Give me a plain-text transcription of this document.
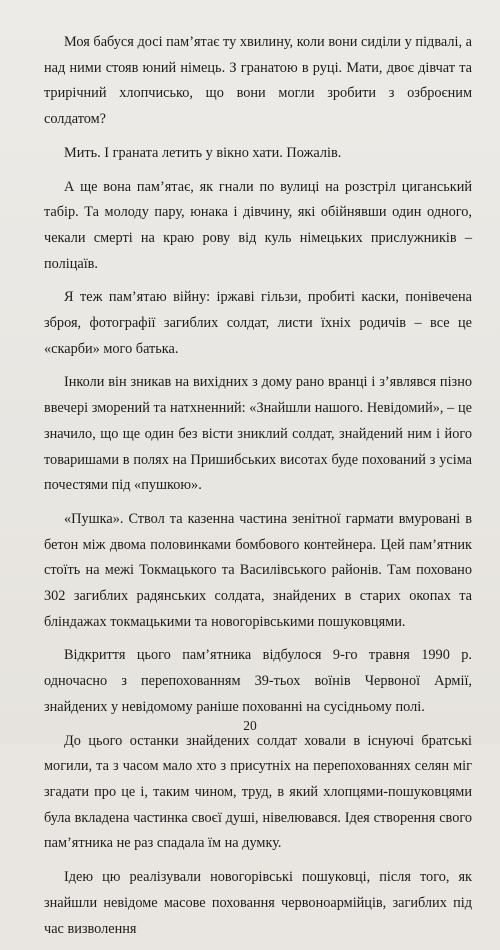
Моя бабуся досі пам’ятає ту хвилину, коли вони сиділи у підвалі, а над ними стояв юний німець. З гранатою в руці. Мати, двоє дівчат та трирічний хлопчисько, що вони могли зробити з озброєним солдатом?

Мить. І граната летить у вікно хати. Пожалів.

А ще вона пам’ятає, як гнали по вулиці на розстріл циганський табір. Та молоду пару, юнака і дівчину, які обійнявши один одного, чекали смерті на краю рову від куль німецьких прислужників – поліцаїв.

Я теж пам’ятаю війну: іржаві гільзи, пробиті каски, понівечена зброя, фотографії загиблих солдат, листи їхніх родичів – все це «скарби» мого батька.

Інколи він зникав на вихідних з дому рано вранці і з’являвся пізно ввечері зморений та натхненний: «Знайшли нашого. Невідомий», – це значило, що ще один без вісти зниклий солдат, знайдений ним і його товаришами в полях на Пришибських висотах буде похований з усіма почестями під «пушкою».

«Пушка». Ствол та казенна частина зенітної гармати вмуровані в бетон між двома половинками бомбового контейнера. Цей пам’ятник стоїть на межі Токмацького та Василівського районів. Там поховано 302 загиблих радянських солдата, знайдених в старих окопах та бліндажах токмацькими та новогорівськими пошуковцями.

Відкриття цього пам’ятника відбулося 9-го травня 1990 р. одночасно з перепохованням 39-тьох воїнів Червоної Армії, знайдених у невідомому раніше похованні на сусідньому полі.

До цього останки знайдених солдат ховали в існуючі братські могили, та з часом мало хто з присутніх на перепохованнях селян міг згадати про це і, таким чином, труд, в який хлопцями-пошуковцями була вкладена частинка своєї душі, нівелювався. Ідея створення свого пам’ятника не раз спадала їм на думку.

Ідею цю реалізували новогорівські пошуковці, після того, як знайшли невідоме масове поховання червоноармійців, загиблих під час визволення

20
